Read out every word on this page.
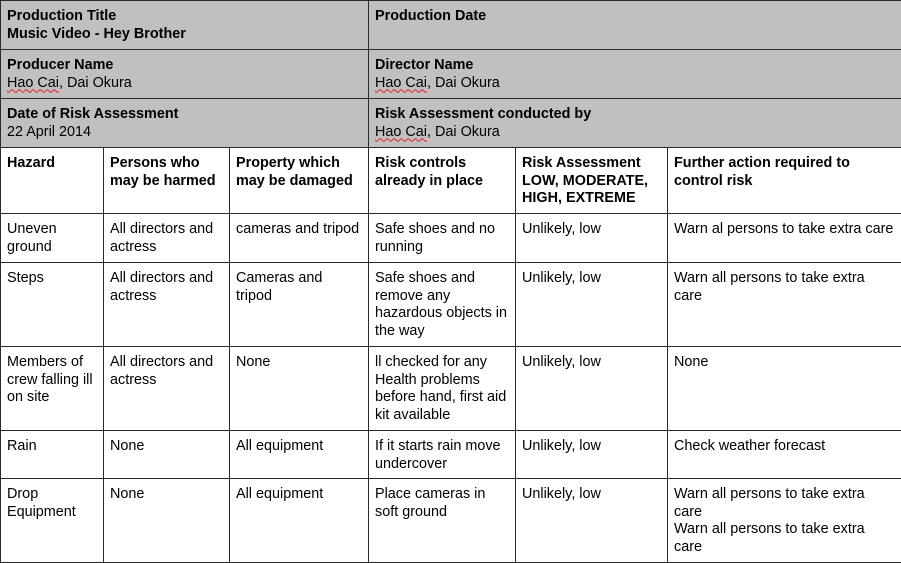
Production Title
Music Video - Hey Brother			Production Date		

Producer Name
Hao Cai, Dai Okura			Director Name
Hao Cai, Dai Okura		

Date of Risk Assessment
22 April 2014			Risk Assessment conducted by
Hao Cai, Dai Okura		

Hazard	Persons who may be harmed	Property which may be damaged	Risk controls already in place	Risk Assessment LOW, MODERATE, HIGH, EXTREME	Further action required to control risk
Uneven ground	All directors and actress	cameras and tripod	Safe shoes and no running	Unlikely, low	Warn al persons to take extra care

Steps	All directors and actress	Cameras and tripod	Safe shoes and remove any hazardous objects in the way	Unlikely, low	Warn all persons to take extra care

Members of crew falling ill on site	All directors and actress	None	ll checked for any Health problems before hand, first aid kit available	Unlikely, low	None

Rain	None	All equipment	If it starts rain move undercover	Unlikely, low	Check weather forecast

Drop Equipment	None	All equipment	Place cameras in soft ground	Unlikely, low	Warn all persons to take extra care
Warn all persons to take extra care
